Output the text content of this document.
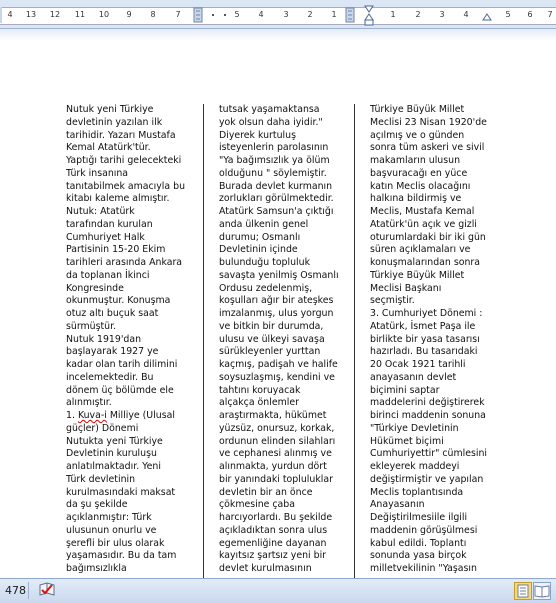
4 13 12 11 10 9 8 7	5 4 3 2 1	1 2 3 4	5 6 7
Nutuk yeni Türkiye
devletinin yazılan ilk
tarihidir. Yazarı Mustafa
Kemal Atatürk'tür.
Yaptığı tarihi gelecekteki
Türk insanına
tanıtabilmek amacıyla bu
kitabı kaleme almıştır.
Nutuk: Atatürk
tarafından kurulan
Cumhuriyet Halk
Partisinin 15-20 Ekim
tarihleri arasında Ankara
da toplanan İkinci
Kongresinde
okunmuştur. Konuşma
otuz altı buçuk saat
sürmüştür.
Nutuk 1919'dan
başlayarak 1927 ye
kadar olan tarih dilimini
incelemektedir. Bu
dönem üç bölümde ele
alınmıştır.
1. Kuva-i Milliye (Ulusal
güçler) Dönemi
Nutukta yeni Türkiye
Devletinin kuruluşu
anlatılmaktadır. Yeni
Türk devletinin
kurulmasındaki maksat
da şu şekilde
açıklanmıştır: Türk
ulusunun onurlu ve
şerefli bir ulus olarak
yaşamasıdır. Bu da tam
bağımsızlıkla
tutsak yaşamaktansa
yok olsun daha iyidir."
Diyerek kurtuluş
isteyenlerin parolasının
"Ya bağımsızlık ya ölüm
olduğunu " söylemiştir.
Burada devlet kurmanın
zorlukları görülmektedir.
Atatürk Samsun'a çıktığı
anda ülkenin genel
durumu; Osmanlı
Devletinin içinde
bulunduğu topluluk
savaşta yenilmiş Osmanlı
Ordusu zedelenmiş,
koşulları ağır bir ateşkes
imzalanmış, ulus yorgun
ve bitkin bir durumda,
ulusu ve ülkeyi savaşa
sürükleyenler yurttan
kaçmış, padişah ve halife
soysuzlaşmış, kendini ve
tahtını koruyacak
alçakça önlemler
araştırmakta, hükümet
yüzsüz, onursuz, korkak,
ordunun elinden silahları
ve cephanesi alınmış ve
alınmakta, yurdun dört
bir yanındaki topluluklar
devletin bir an önce
çökmesine çaba
harcıyorlardı. Bu şekilde
açıkladıktan sonra ulus
egemenliğine dayanan
kayıtsız şartsız yeni bir
devlet kurulmasının
Türkiye Büyük Millet
Meclisi 23 Nisan 1920'de
açılmış ve o günden
sonra tüm askeri ve sivil
makamların ulusun
başvuracağı en yüce
katın Meclis olacağını
halkına bildirmiş ve
Meclis, Mustafa Kemal
Atatürk'ün açık ve gizli
oturumlardaki bir iki gün
süren açıklamaları ve
konuşmalarından sonra
Türkiye Büyük Millet
Meclisi Başkanı
seçmiştir.
3. Cumhuriyet Dönemi :
Atatürk, İsmet Paşa ile
birlikte bir yasa tasarısı
hazırladı. Bu tasarıdaki
20 Ocak 1921 tarihli
anayasanın devlet
biçimini saptar
maddelerini değiştirerek
birinci maddenin sonuna
"Türkiye Devletinin
Hükümet biçimi
Cumhuriyettir" cümlesini
ekleyerek maddeyi
değiştirmiştir ve yapılan
Meclis toplantısında
Anayasanın
Değiştirilmesiile ilgili
maddenin görüşülmesi
kabul edildi. Toplantı
sonunda yasa birçok
milletvekilinin "Yaşasın
478
